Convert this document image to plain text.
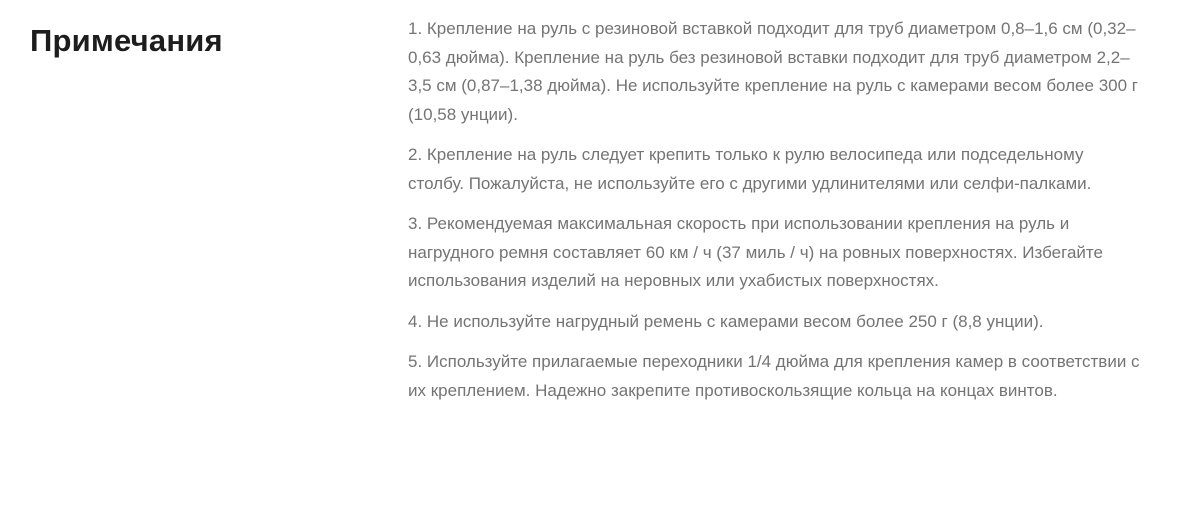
Примечания	1. Крепление на руль с резиновой вставкой подходит для труб диаметром 0,8–1,6 см (0,32–0,63 дюйма). Крепление на руль без резиновой вставки подходит для труб диаметром 2,2–3,5 см (0,87–1,38 дюйма). Не используйте крепление на руль с камерами весом более 300 г (10,58 унции).

2. Крепление на руль следует крепить только к рулю велосипеда или подседельному столбу. Пожалуйста, не используйте его с другими удлинителями или селфи-палками.

3. Рекомендуемая максимальная скорость при использовании крепления на руль и нагрудного ремня составляет 60 км / ч (37 миль / ч) на ровных поверхностях. Избегайте использования изделий на неровных или ухабистых поверхностях.

4. Не используйте нагрудный ремень с камерами весом более 250 г (8,8 унции).

5. Используйте прилагаемые переходники 1/4 дюйма для крепления камер в соответствии с их креплением. Надежно закрепите противоскользящие кольца на концах винтов.
